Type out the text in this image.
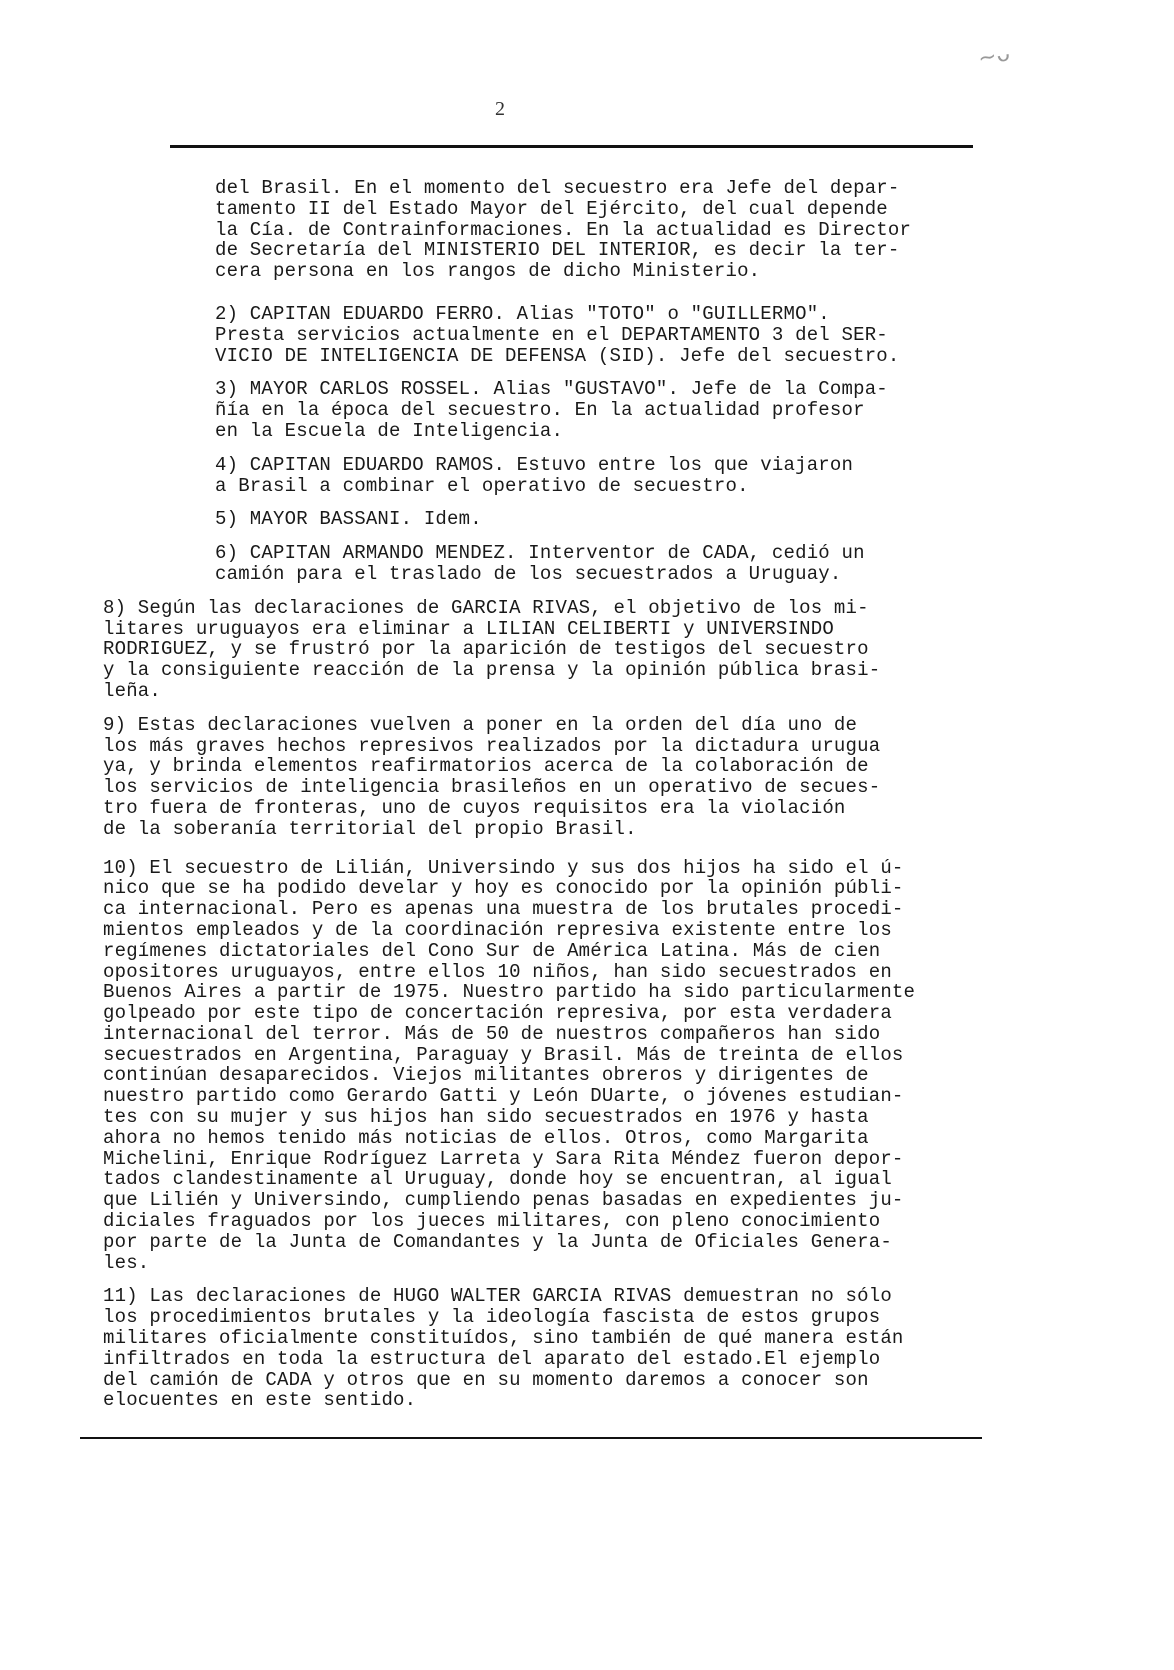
~ᴗ
2

del Brasil. En el momento del secuestro era Jefe del depar-
tamento II del Estado Mayor del Ejército, del cual depende
la Cía. de Contrainformaciones. En la actualidad es Director
de Secretaría del MINISTERIO DEL INTERIOR, es decir la ter-
cera persona en los rangos de dicho Ministerio.

2) CAPITAN EDUARDO FERRO. Alias "TOTO" o "GUILLERMO".
Presta servicios actualmente en el DEPARTAMENTO 3 del SER-
VICIO DE INTELIGENCIA DE DEFENSA (SID). Jefe del secuestro.

3) MAYOR CARLOS ROSSEL. Alias "GUSTAVO". Jefe de la Compa-
ñía en la época del secuestro. En la actualidad profesor
en la Escuela de Inteligencia.

4) CAPITAN EDUARDO RAMOS. Estuvo entre los que viajaron
a Brasil a combinar el operativo de secuestro.

5) MAYOR BASSANI. Idem.

6) CAPITAN ARMANDO MENDEZ. Interventor de CADA, cedió un
camión para el traslado de los secuestrados a Uruguay.

8) Según las declaraciones de GARCIA RIVAS, el objetivo de los mi-
litares uruguayos era eliminar a LILIAN CELIBERTI y UNIVERSINDO
RODRIGUEZ, y se frustró por la aparición de testigos del secuestro
y la consiguiente reacción de la prensa y la opinión pública brasi-
leña.

9) Estas declaraciones vuelven a poner en la orden del día uno de
los más graves hechos represivos realizados por la dictadura urugua
ya, y brinda elementos reafirmatorios acerca de la colaboración de
los servicios de inteligencia brasileños en un operativo de secues-
tro fuera de fronteras, uno de cuyos requisitos era la violación
de la soberanía territorial del propio Brasil.

10) El secuestro de Lilián, Universindo y sus dos hijos ha sido el ú-
nico que se ha podido develar y hoy es conocido por la opinión públi-
ca internacional. Pero es apenas una muestra de los brutales procedi-
mientos empleados y de la coordinación represiva existente entre los
regímenes dictatoriales del Cono Sur de América Latina. Más de cien
opositores uruguayos, entre ellos 10 niños, han sido secuestrados en
Buenos Aires a partir de 1975. Nuestro partido ha sido particularmente
golpeado por este tipo de concertación represiva, por esta verdadera
internacional del terror. Más de 50 de nuestros compañeros han sido
secuestrados en Argentina, Paraguay y Brasil. Más de treinta de ellos
continúan desaparecidos. Viejos militantes obreros y dirigentes de
nuestro partido como Gerardo Gatti y León DUarte, o jóvenes estudian-
tes con su mujer y sus hijos han sido secuestrados en 1976 y hasta
ahora no hemos tenido más noticias de ellos. Otros, como Margarita
Michelini, Enrique Rodríguez Larreta y Sara Rita Méndez fueron depor-
tados clandestinamente al Uruguay, donde hoy se encuentran, al igual
que Lilién y Universindo, cumpliendo penas basadas en expedientes ju-
diciales fraguados por los jueces militares, con pleno conocimiento
por parte de la Junta de Comandantes y la Junta de Oficiales Genera-
les.

11) Las declaraciones de HUGO WALTER GARCIA RIVAS demuestran no sólo
los procedimientos brutales y la ideología fascista de estos grupos
militares oficialmente constituídos, sino también de qué manera están
infiltrados en toda la estructura del aparato del estado.El ejemplo
del camión de CADA y otros que en su momento daremos a conocer son
elocuentes en este sentido.
